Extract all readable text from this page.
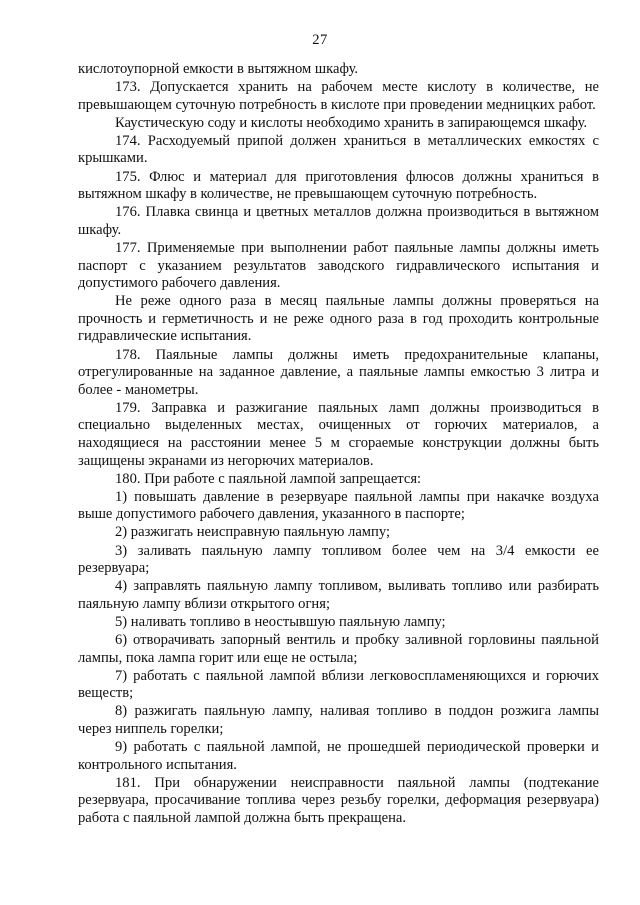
27

кислотоупорной емкости в вытяжном шкафу.

173. Допускается хранить на рабочем месте кислоту в количестве, не превышающем суточную потребность в кислоте при проведении медницких работ.

Каустическую соду и кислоты необходимо хранить в запирающемся шкафу.

174. Расходуемый припой должен храниться в металлических емкостях с крышками.

175. Флюс и материал для приготовления флюсов должны храниться в вытяжном шкафу в количестве, не превышающем суточную потребность.

176. Плавка свинца и цветных металлов должна производиться в вытяжном шкафу.

177. Применяемые при выполнении работ паяльные лампы должны иметь паспорт с указанием результатов заводского гидравлического испытания и допустимого рабочего давления.

Не реже одного раза в месяц паяльные лампы должны проверяться на прочность и герметичность и не реже одного раза в год проходить контрольные гидравлические испытания.

178. Паяльные лампы должны иметь предохранительные клапаны, отрегулированные на заданное давление, а паяльные лампы емкостью 3 литра и более - манометры.

179. Заправка и разжигание паяльных ламп должны производиться в специально выделенных местах, очищенных от горючих материалов, а находящиеся на расстоянии менее 5 м сгораемые конструкции должны быть защищены экранами из негорючих материалов.

180. При работе с паяльной лампой запрещается:

1) повышать давление в резервуаре паяльной лампы при накачке воздуха выше допустимого рабочего давления, указанного в паспорте;

2) разжигать неисправную паяльную лампу;

3) заливать паяльную лампу топливом более чем на 3/4 емкости ее резервуара;

4) заправлять паяльную лампу топливом, выливать топливо или разбирать паяльную лампу вблизи открытого огня;

5) наливать топливо в неостывшую паяльную лампу;

6) отворачивать запорный вентиль и пробку заливной горловины паяльной лампы, пока лампа горит или еще не остыла;

7) работать с паяльной лампой вблизи легковоспламеняющихся и горючих веществ;

8) разжигать паяльную лампу, наливая топливо в поддон розжига лампы через ниппель горелки;

9) работать с паяльной лампой, не прошедшей периодической проверки и контрольного испытания.

181. При обнаружении неисправности паяльной лампы (подтекание резервуара, просачивание топлива через резьбу горелки, деформация резервуара) работа с паяльной лампой должна быть прекращена.
